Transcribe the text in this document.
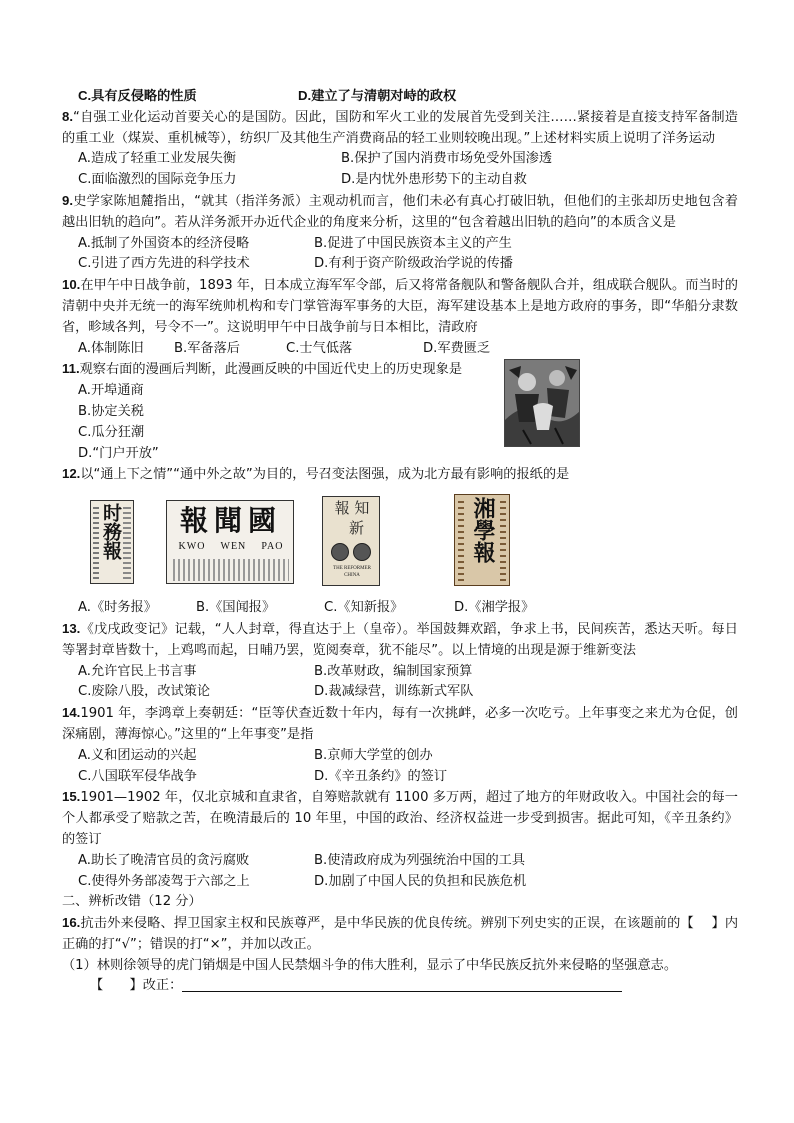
C.具有反侵略的性质	D.建立了与清朝对峙的政权
8.“自强工业化运动首要关心的是国防。因此，国防和军火工业的发展首先受到关注……紧接着是直接支持军备制造的重工业（煤炭、重机械等），纺织厂及其他生产消费商品的轻工业则较晚出现。”上述材料实质上说明了洋务运动
A.造成了轻重工业发展失衡	B.保护了国内消费市场免受外国渗透
C.面临激烈的国际竞争压力	D.是内忧外患形势下的主动自救
9.史学家陈旭麓指出，“就其（指洋务派）主观动机而言，他们未必有真心打破旧轨，但他们的主张却历史地包含着越出旧轨的趋向”。若从洋务派开办近代企业的角度来分析，这里的“包含着越出旧轨的趋向”的本质含义是
A.抵制了外国资本的经济侵略	B.促进了中国民族资本主义的产生
C.引进了西方先进的科学技术	D.有利于资产阶级政治学说的传播
10.在甲午中日战争前，1893 年，日本成立海军军令部，后又将常备舰队和警备舰队合并，组成联合舰队。而当时的清朝中央并无统一的海军统帅机构和专门掌管海军事务的大臣，海军建设基本上是地方政府的事务，即“华船分隶数省，畛域各判，号令不一”。这说明甲午中日战争前与日本相比，清政府
A.体制陈旧	B.军备落后	C.士气低落	D.军费匮乏
11.观察右面的漫画后判断，此漫画反映的中国近代史上的历史现象是
A.开埠通商
B.协定关税
C.瓜分狂潮
D.“门户开放”
12.以“通上下之情”“通中外之故”为目的，号召变法图强，成为北方最有影响的报纸的是
时務報	報聞國
KWO WEN PAO
報 知
新
THE REFORMER CHINA
湘學報
A.《时务报》	B.《国闻报》	C.《知新报》	D.《湘学报》
13.《戊戌政变记》记载，“人人封章，得直达于上（皇帝）。举国鼓舞欢蹈，争求上书，民间疾苦，悉达天听。每日等署封章皆数十，上鸡鸣而起，日晡乃罢，览阅奏章，犹不能尽”。以上情境的出现是源于维新变法
A.允许官民上书言事	B.改革财政，编制国家预算
C.废除八股，改试策论	D.裁减绿营，训练新式军队
14.1901 年，李鸿章上奏朝廷：“臣等伏查近数十年内，每有一次挑衅，必多一次吃亏。上年事变之来尤为仓促，创深痛剧，薄海惊心。”这里的“上年事变”是指
A.义和团运动的兴起	B.京师大学堂的创办
C.八国联军侵华战争	D.《辛丑条约》的签订
15.1901—1902 年，仅北京城和直隶省，自筹赔款就有 1100 多万两，超过了地方的年财政收入。中国社会的每一个人都承受了赔款之苦，在晚清最后的 10 年里，中国的政治、经济权益进一步受到损害。据此可知，《辛丑条约》的签订
A.助长了晚清官员的贪污腐败	B.使清政府成为列强统治中国的工具
C.使得外务部凌驾于六部之上	D.加剧了中国人民的负担和民族危机
二、辨析改错（12 分）
16.抗击外来侵略、捍卫国家主权和民族尊严，是中华民族的优良传统。辨别下列史实的正误，在该题前的【　 】内正确的打“√”；错误的打“×”，并加以改正。
（1）林则徐领导的虎门销烟是中国人民禁烟斗争的伟大胜利，显示了中华民族反抗外来侵略的坚强意志。
【　　】改正：
